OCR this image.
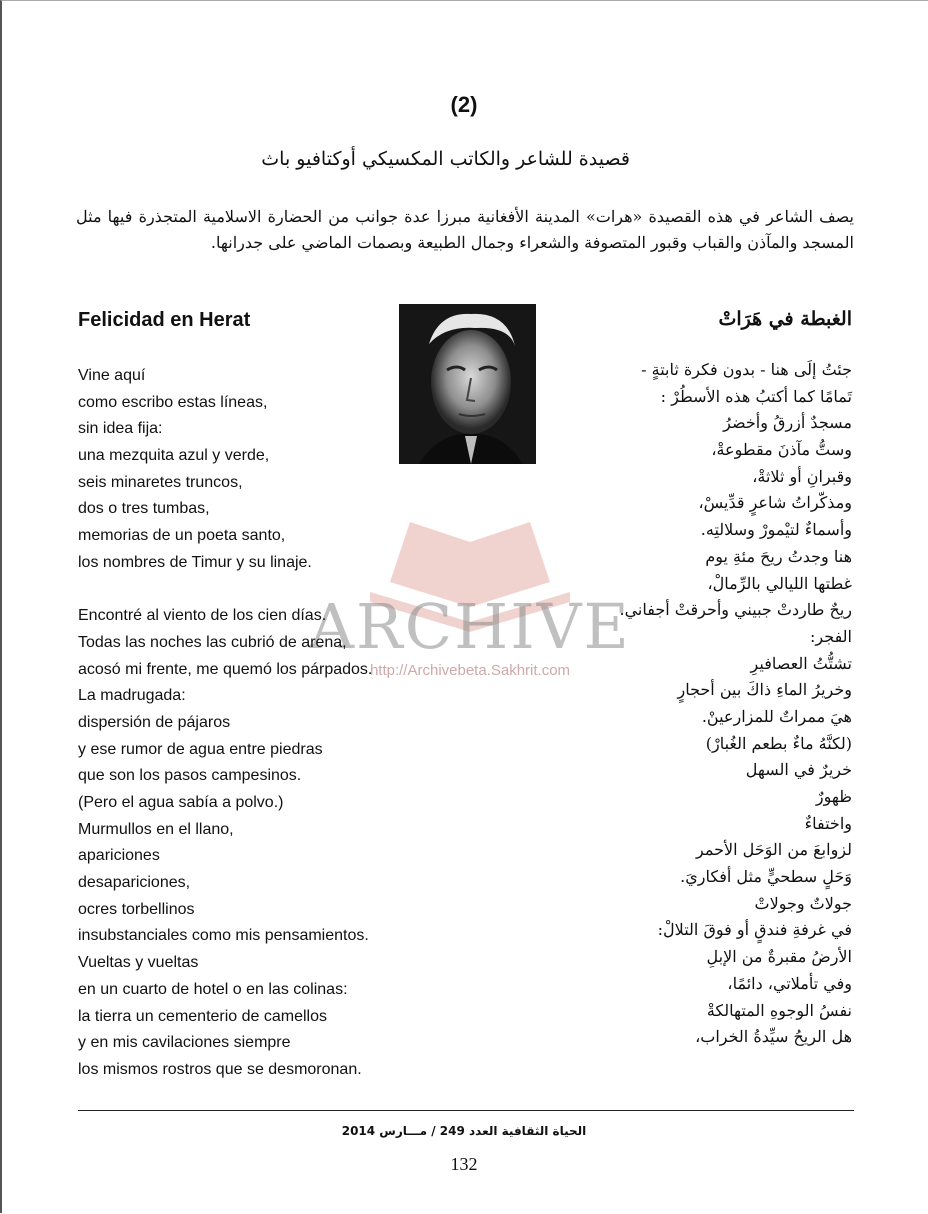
(2)
قصيدة للشاعر والكاتب المكسيكي أوكتافيو باث
يصف الشاعر في هذه القصيدة «هرات» المدينة الأفغانية مبرزا عدة جوانب من الحضارة الاسلامية المتجذرة فيها مثل المسجد والمآذن والقباب وقبور المتصوفة والشعراء وجمال الطبيعة وبصمات الماضي على جدرانها.
Felicidad en Herat	الغبطة في هَرَاتْ
ARCHIVE
http://Archivebeta.Sakhrit.com
Vine aquí
como escribo estas líneas,
sin idea fija:
una mezquita azul y verde,
seis minaretes truncos,
dos o tres tumbas,
memorias de un poeta santo,
los nombres de Timur y su linaje.
Encontré al viento de los cien días.
Todas las noches las cubrió de arena,
acosó mi frente, me quemó los párpados.
La madrugada:
dispersión de pájaros
y ese rumor de agua entre piedras
que son los pasos campesinos.
(Pero el agua sabía a polvo.)
Murmullos en el llano,
apariciones
desapariciones,
ocres torbellinos
insubstanciales como mis pensamientos.
Vueltas y vueltas
en un cuarto de hotel o en las colinas:
la tierra un cementerio de camellos
y en mis cavilaciones siempre
los mismos rostros que se desmoronan.
جئتُ إلَى هنا - بدون فكرة ثابتةٍ -
تَمامًا كما أكتبُ هذه الأسطُرْ :
مسجدٌ أزرقُ وأخضرُ
وستُّ مآذنَ مقطوعةْ،
وقبرانِ أو ثلاثةْ،
ومذكّراتُ شاعرٍ قدِّيسْ،
وأسماءٌ لتيْمورْ وسلالتِه.
هنا وجدتُ ريحَ مئةِ يوم
غطتها الليالي بالرِّمالْ،
ريحٌ طاردتْ جبيني وأحرقتْ أجفاني.
الفجر:
تشتُّتُ العصافيرِ
وخريرُ الماءِ ذاكَ بين أحجارٍ
هيَ ممراتٌ للمزارعينْ.
(لكنَّهُ ماءٌ بطعم الغُبارْ)
خريرٌ في السهل
ظهورٌ
واختفاءٌ
لزوابعَ من الوَحَل الأحمر
وَحَلٍ سطحيٍّ مثل أفكاريَ.
جولاتٌ وجولاتْ
في غرفةِ فندقٍ أو فوقَ التلالْ:
الأرضُ مقبرةٌ من الإبلِ
وفي تأملاتي، دائمًا،
نفسُ الوجوهِ المتهالكةْ
هل الريحُ سيِّدةُ الخراب،
الحياة الثقافية العدد 249 / مـــارس 2014
132
